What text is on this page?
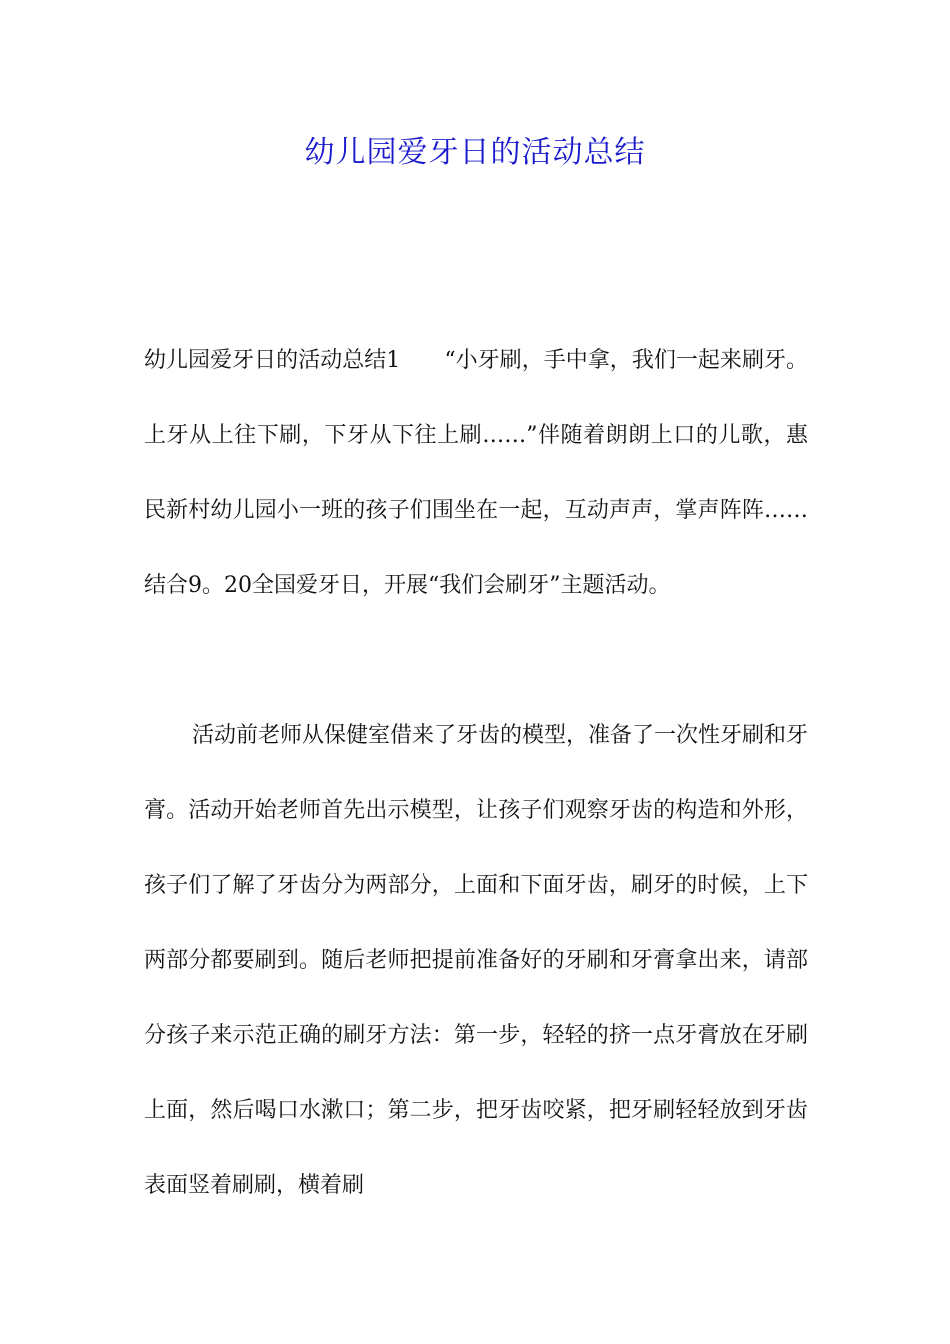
幼儿园爱牙日的活动总结

幼儿园爱牙日的活动总结1　　“小牙刷，手中拿，我们一起来刷牙。上牙从上往下刷，下牙从下往上刷……”伴随着朗朗上口的儿歌，惠民新村幼儿园小一班的孩子们围坐在一起，互动声声，掌声阵阵……结合9。20全国爱牙日，开展“我们会刷牙”主题活动。

活动前老师从保健室借来了牙齿的模型，准备了一次性牙刷和牙膏。活动开始老师首先出示模型，让孩子们观察牙齿的构造和外形，孩子们了解了牙齿分为两部分，上面和下面牙齿，刷牙的时候，上下两部分都要刷到。随后老师把提前准备好的牙刷和牙膏拿出来，请部分孩子来示范正确的刷牙方法：第一步，轻轻的挤一点牙膏放在牙刷上面，然后喝口水漱口；第二步，把牙齿咬紧，把牙刷轻轻放到牙齿表面竖着刷刷，横着刷
